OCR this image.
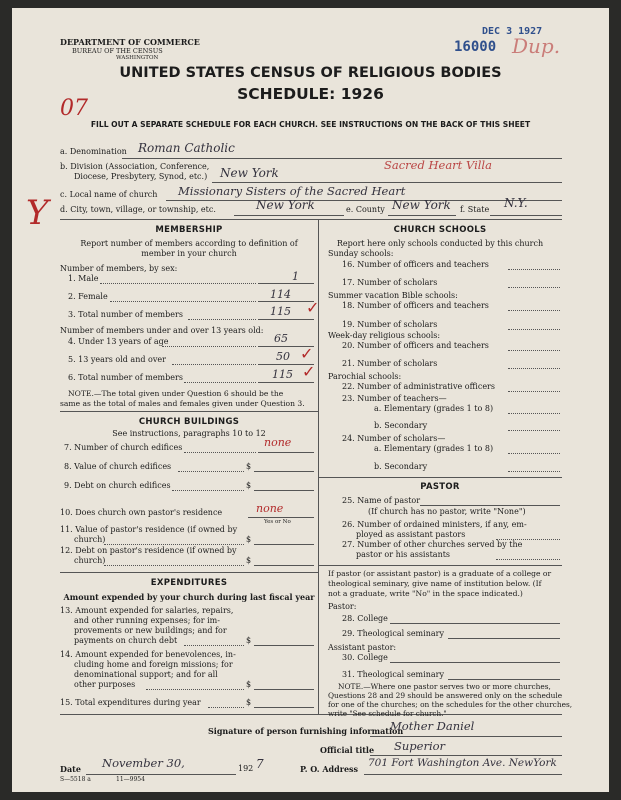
DEPARTMENT OF COMMERCE
BUREAU OF THE CENSUS
WASHINGTON
DEC 3 1927
16000 Dup.
UNITED STATES CENSUS OF RELIGIOUS BODIES
SCHEDULE: 1926
07
FILL OUT A SEPARATE SCHEDULE FOR EACH CHURCH. SEE INSTRUCTIONS ON THE BACK OF THIS SHEET
a. Denomination Roman Catholic
b. Division (Association, Conference,
Diocese, Presbytery, Synod, etc.) New York
Sacred Heart Villa
Y c. Local name of church Missionary Sisters of the Sacred Heart
d. City, town, village, or township, etc.	New York	e. County New York f. State N.Y.
MEMBERSHIP
Report number of members according to definition of
member in your church
Number of members, by sex:
1. Male	1
2. Female	114
3. Total number of members	115 ✓
Number of members under and over 13 years old:
4. Under 13 years of age	65
5. 13 years old and over	50 ✓
6. Total number of members	115 ✓
NOTE.—The total given under Question 6 should be the
same as the total of males and females given under Question 3.
CHURCH BUILDINGS
See instructions, paragraphs 10 to 12
7. Number of church edifices	none
8. Value of church edifices	$
9. Debt on church edifices	$
10. Does church own pastor's residence	none
Yes or No
11. Value of pastor's residence (if owned by
church)	$
12. Debt on pastor's residence (if owned by
church)	$
EXPENDITURES
Amount expended by your church during last fiscal year
13. Amount expended for salaries, repairs,
and other running expenses; for im-
provements or new buildings; and for
payments on church debt	$
14. Amount expended for benevolences, in-
cluding home and foreign missions; for
denominational support; and for all
other purposes	$
15. Total expenditures during year	$
CHURCH SCHOOLS
Report here only schools conducted by this church
Sunday schools:
16. Number of officers and teachers
17. Number of scholars
Summer vacation Bible schools:
18. Number of officers and teachers
19. Number of scholars
Week-day religious schools:
20. Number of officers and teachers
21. Number of scholars
Parochial schools:
22. Number of administrative officers
23. Number of teachers—
a. Elementary (grades 1 to 8)
b. Secondary
24. Number of scholars—
a. Elementary (grades 1 to 8)
b. Secondary
PASTOR
25. Name of pastor
(If church has no pastor, write "None")
26. Number of ordained ministers, if any, em-
ployed as assistant pastors
27. Number of other churches served by the
pastor or his assistants
If pastor (or assistant pastor) is a graduate of a college or
theological seminary, give name of institution below. (If
not a graduate, write "No" in the space indicated.)
Pastor:
28. College
29. Theological seminary
Assistant pastor:
30. College
31. Theological seminary
NOTE.—Where one pastor serves two or more churches,
Questions 28 and 29 should be answered only on the schedule
for one of the churches; on the schedules for the other churches,
write "See schedule for church."
Signature of person furnishing information
Mother Daniel
Official title Superior
Date November 30,	192 7	P. O. Address 701 Fort Washington Ave. NewYork
S—5518 a	11—9954
